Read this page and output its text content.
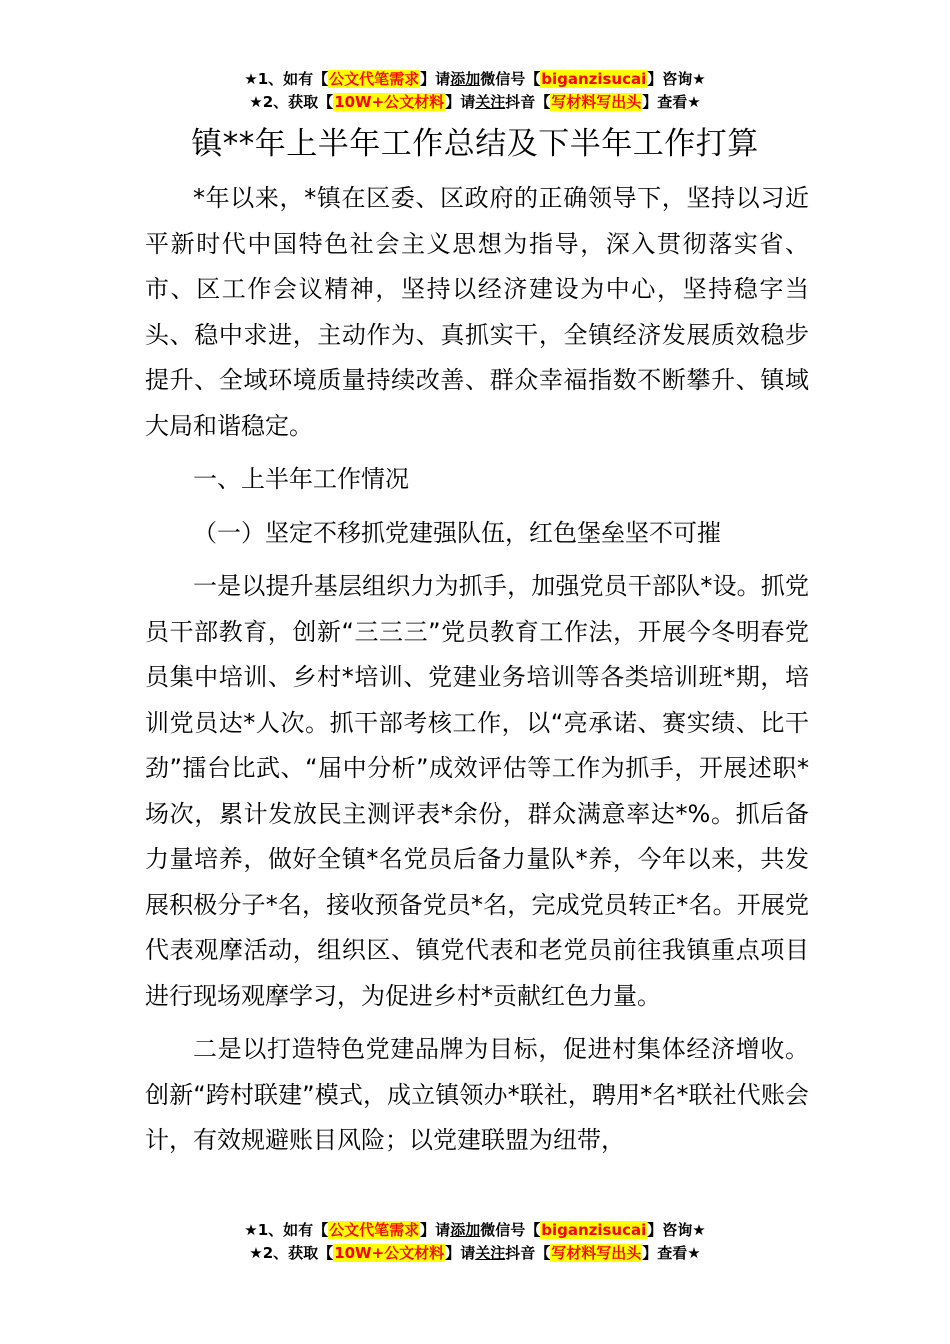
★1、如有【公文代笔需求】请添加微信号【biganzisucai】咨询★
★2、获取【10W+公文材料】请关注抖音【写材料写出头】查看★
镇**年上半年工作总结及下半年工作打算

*年以来，*镇在区委、区政府的正确领导下，坚持以习近平新时代中国特色社会主义思想为指导，深入贯彻落实省、市、区工作会议精神，坚持以经济建设为中心，坚持稳字当头、稳中求进，主动作为、真抓实干，全镇经济发展质效稳步提升、全域环境质量持续改善、群众幸福指数不断攀升、镇域大局和谐稳定。

一、上半年工作情况

（一）坚定不移抓党建强队伍，红色堡垒坚不可摧

一是以提升基层组织力为抓手，加强党员干部队*设。抓党员干部教育，创新“三三三”党员教育工作法，开展今冬明春党员集中培训、乡村*培训、党建业务培训等各类培训班*期，培训党员达*人次。抓干部考核工作，以“亮承诺、赛实绩、比干劲”擂台比武、“届中分析”成效评估等工作为抓手，开展述职*场次，累计发放民主测评表*余份，群众满意率达*%。抓后备力量培养，做好全镇*名党员后备力量队*养，今年以来，共发展积极分子*名，接收预备党员*名，完成党员转正*名。开展党代表观摩活动，组织区、镇党代表和老党员前往我镇重点项目进行现场观摩学习，为促进乡村*贡献红色力量。

二是以打造特色党建品牌为目标，促进村集体经济增收。创新“跨村联建”模式，成立镇领办*联社，聘用*名*联社代账会计，有效规避账目风险；以党建联盟为纽带，

★1、如有【公文代笔需求】请添加微信号【biganzisucai】咨询★
★2、获取【10W+公文材料】请关注抖音【写材料写出头】查看★
